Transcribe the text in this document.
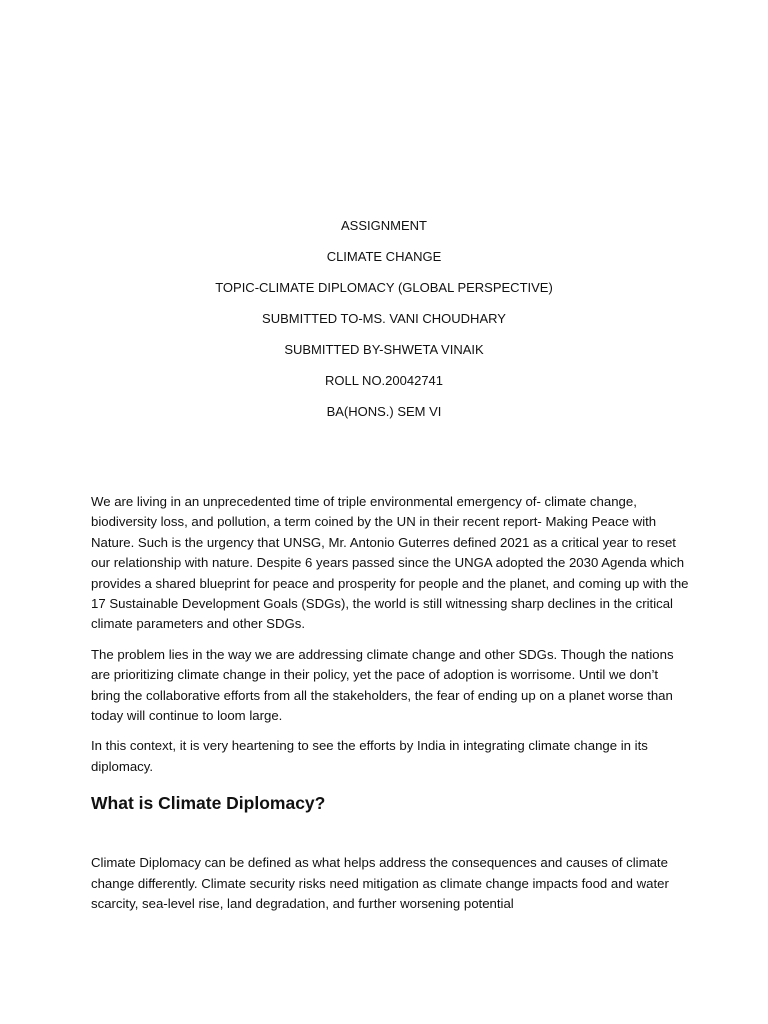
ASSIGNMENT

CLIMATE CHANGE

TOPIC-CLIMATE DIPLOMACY (GLOBAL PERSPECTIVE)

SUBMITTED TO-MS. VANI CHOUDHARY

SUBMITTED BY-SHWETA VINAIK

ROLL NO.20042741

BA(HONS.) SEM VI

We are living in an unprecedented time of triple environmental emergency of- climate change, biodiversity loss, and pollution, a term coined by the UN in their recent report- Making Peace with Nature. Such is the urgency that UNSG, Mr. Antonio Guterres defined 2021 as a critical year to reset our relationship with nature. Despite 6 years passed since the UNGA adopted the 2030 Agenda which provides a shared blueprint for peace and prosperity for people and the planet, and coming up with the 17 Sustainable Development Goals (SDGs), the world is still witnessing sharp declines in the critical climate parameters and other SDGs.

The problem lies in the way we are addressing climate change and other SDGs. Though the nations are prioritizing climate change in their policy, yet the pace of adoption is worrisome. Until we don’t bring the collaborative efforts from all the stakeholders, the fear of ending up on a planet worse than today will continue to loom large.

In this context, it is very heartening to see the efforts by India in integrating climate change in its diplomacy.

What is Climate Diplomacy?

Climate Diplomacy can be defined as what helps address the consequences and causes of climate change differently. Climate security risks need mitigation as climate change impacts food and water scarcity, sea-level rise, land degradation, and further worsening potential
